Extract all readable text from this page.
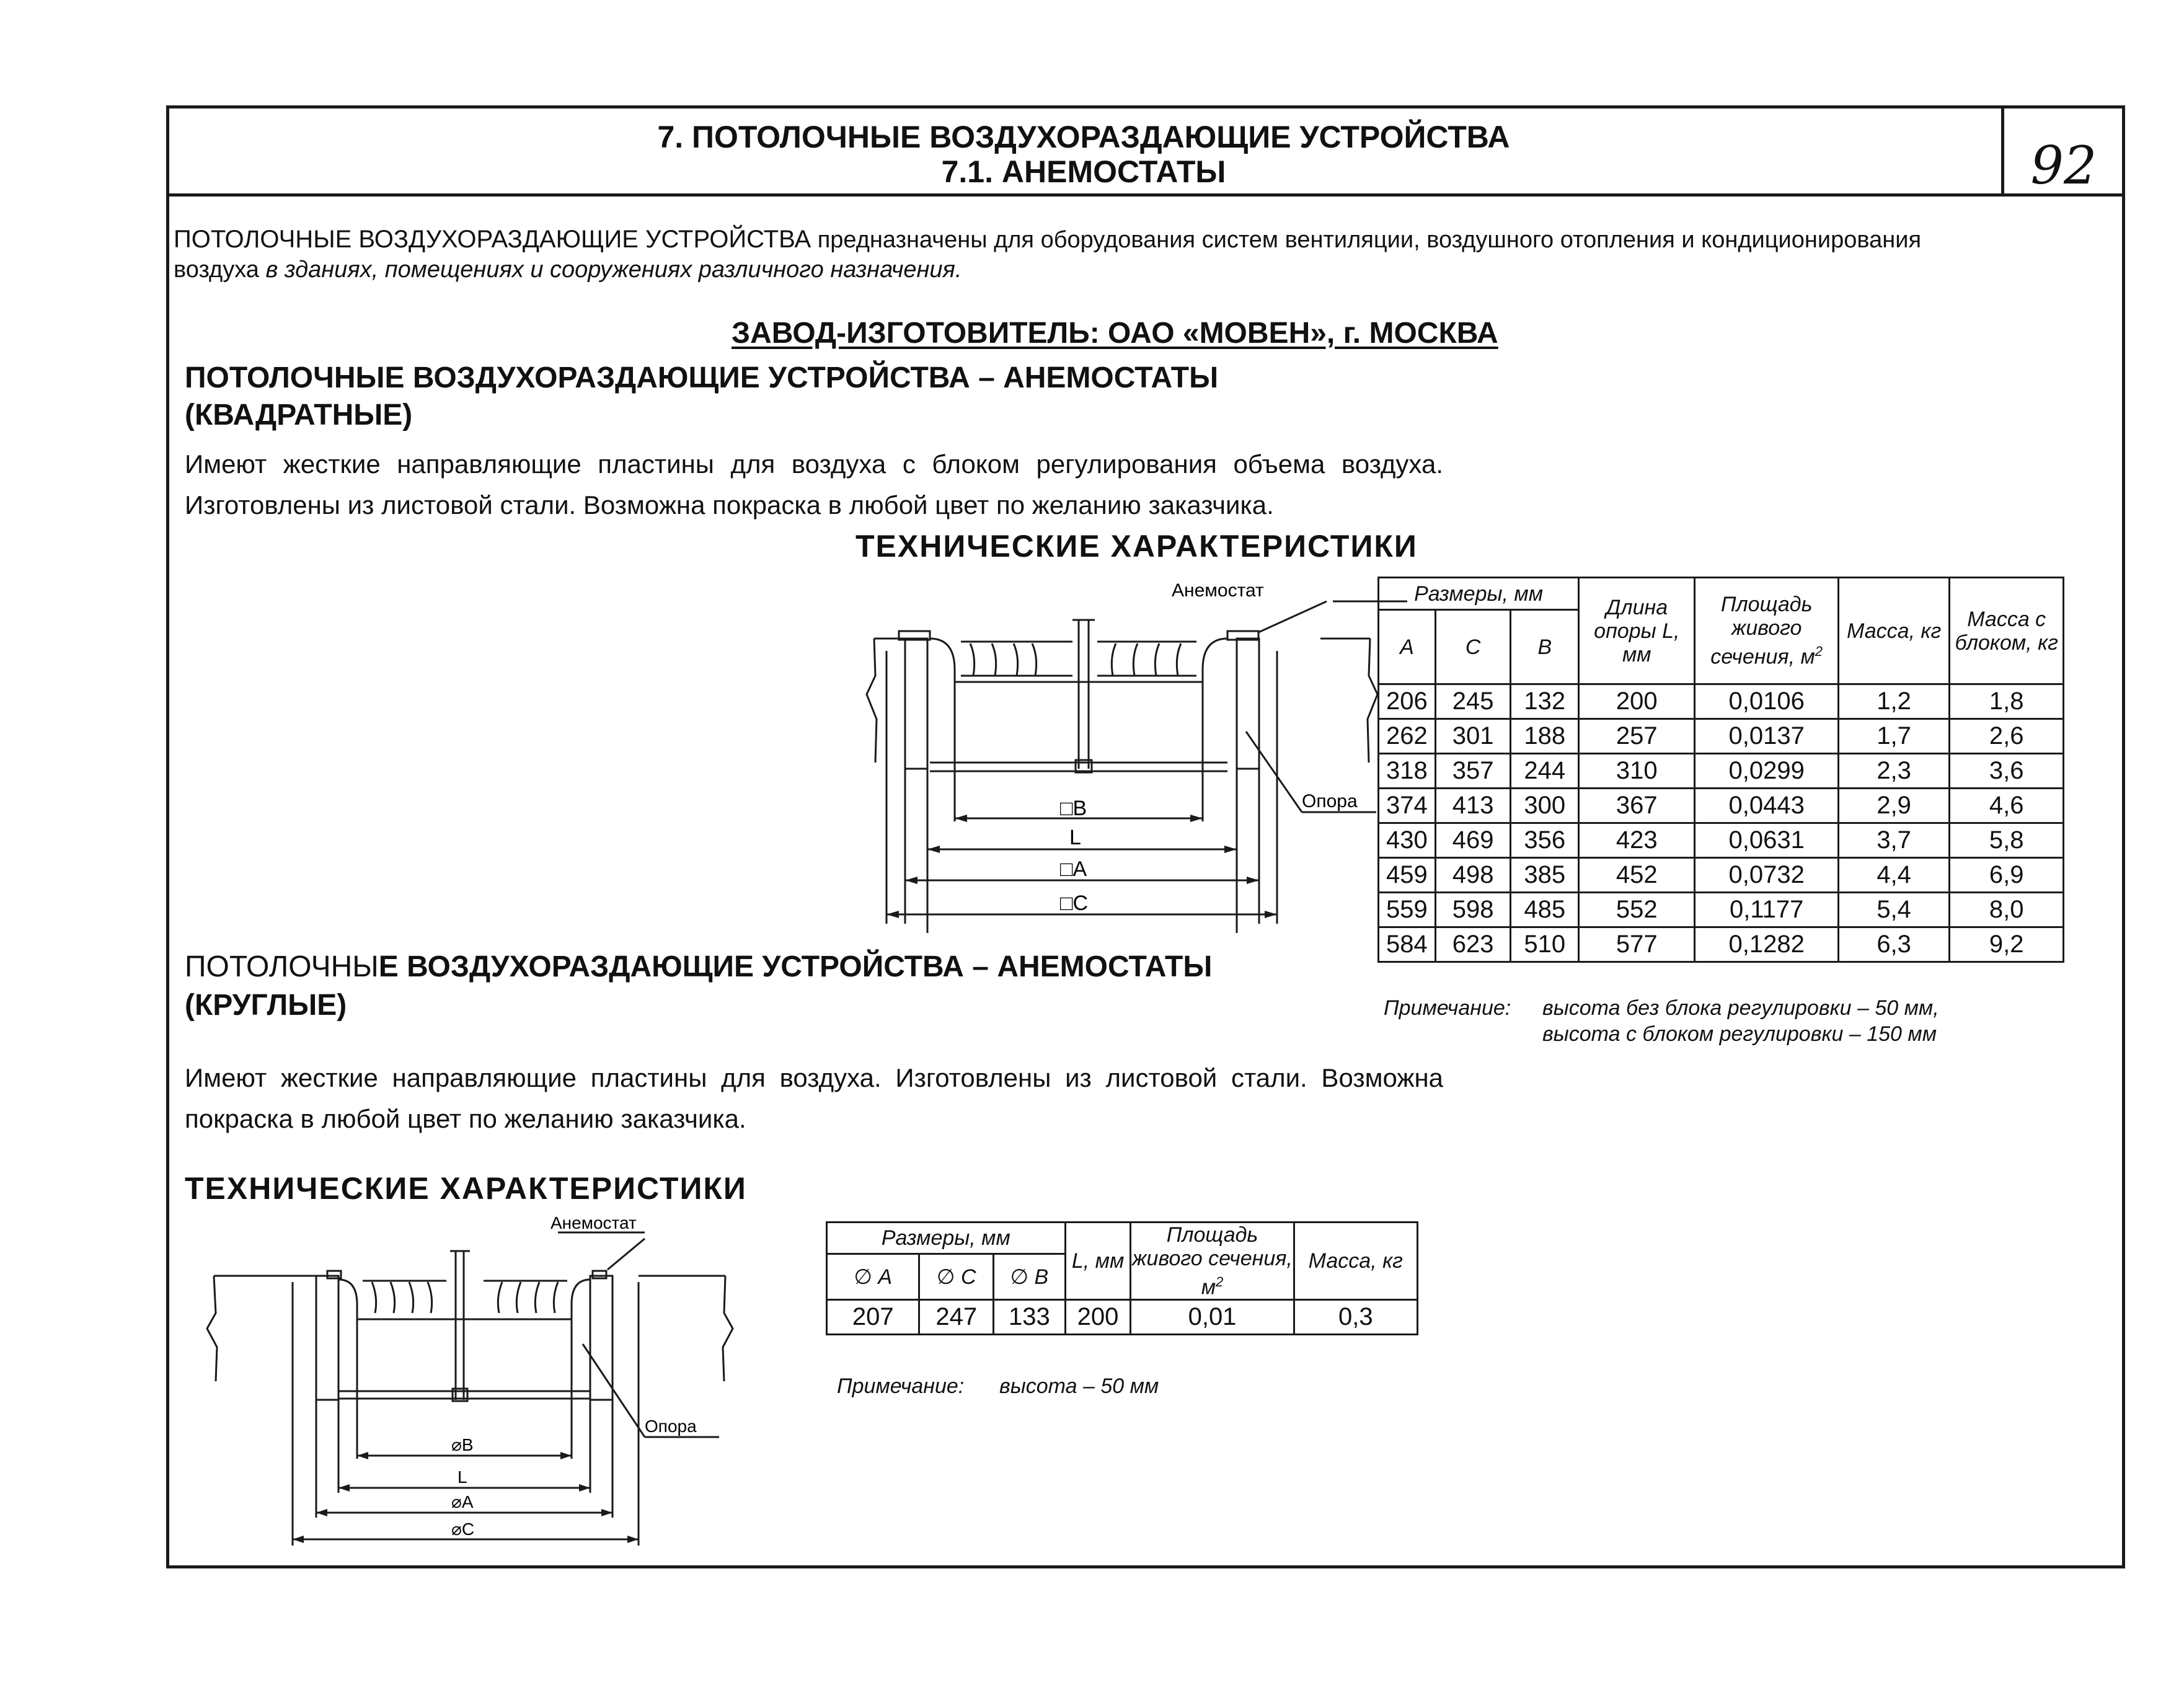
7. ПОТОЛОЧНЫЕ ВОЗДУХОРАЗДАЮЩИЕ УСТРОЙСТВА
7.1. АНЕМОСТАТЫ	92
ПОТОЛОЧНЫЕ ВОЗДУХОРАЗДАЮЩИЕ УСТРОЙСТВА предназначены для оборудования систем вентиляции, воздушного отопления и кондиционирования воздуха в зданиях, помещениях и сооружениях различного назначения.
ЗАВОД-ИЗГОТОВИТЕЛЬ: ОАО «МОВЕН», г. МОСКВА
ПОТОЛОЧНЫЕ ВОЗДУХОРАЗДАЮЩИЕ УСТРОЙСТВА – АНЕМОСТАТЫ
(КВАДРАТНЫЕ)
Имеют жесткие направляющие пластины для воздуха с блоком регулирования объема воздуха. Изготовлены из листовой стали. Возможна покраска в любой цвет по желанию заказчика.
ТЕХНИЧЕСКИЕ ХАРАКТЕРИСТИКИ
Анемостат
Опора
□B
L
□A
□C
Размеры, мм			Длина опоры L, мм	Площадь живого сечения, $м^2$	Масса, кг	Масса с блоком, кг
А	С	В				
206	245	132	200	0,0106	1,2	1,8
262	301	188	257	0,0137	1,7	2,6
318	357	244	310	0,0299	2,3	3,6
374	413	300	367	0,0443	2,9	4,6
430	469	356	423	0,0631	3,7	5,8
459	498	385	452	0,0732	4,4	6,9
559	598	485	552	0,1177	5,4	8,0
584	623	510	577	0,1282	6,3	9,2
Примечание: высота без блока регулировки – 50 мм,
высота с блоком регулировки – 150 мм
ПОТОЛОЧНЫЕ ВОЗДУХОРАЗДАЮЩИЕ УСТРОЙСТВА – АНЕМОСТАТЫ
(КРУГЛЫЕ)
Имеют жесткие направляющие пластины для воздуха. Изготовлены из листовой стали. Возможна покраска в любой цвет по желанию заказчика.
ТЕХНИЧЕСКИЕ ХАРАКТЕРИСТИКИ
Анемостат
Опора
⌀B
L
⌀A
⌀C
Размеры, мм			L, мм	Площадь живого сечения, $м^2$	Масса, кг
∅ А	∅ С	∅ В			
207	247	133	200	0,01	0,3
Примечание: высота – 50 мм
